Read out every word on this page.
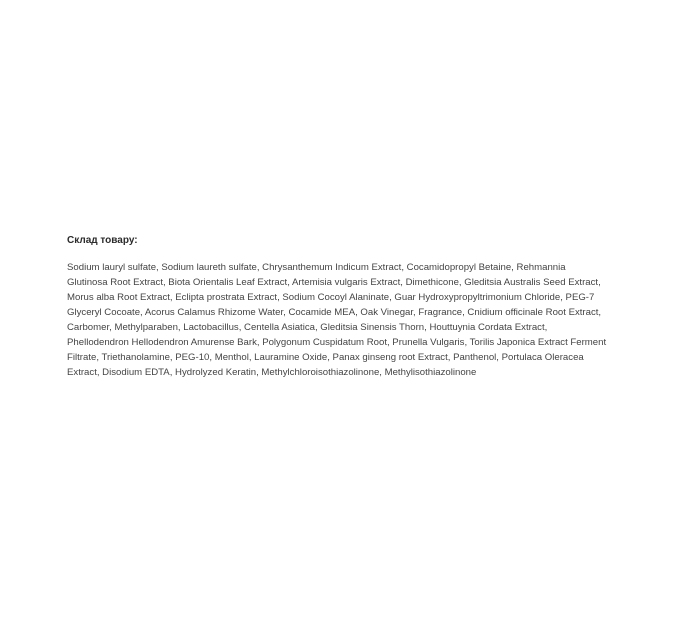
Склад товару:

Sodium lauryl sulfate, Sodium laureth sulfate, Chrysanthemum Indicum Extract, Cocamidopropyl Betaine, Rehmannia Glutinosa Root Extract, Biota Orientalis Leaf Extract, Artemisia vulgaris Extract, Dimethicone, Gleditsia Australis Seed Extract, Morus alba Root Extract, Eclipta prostrata Extract, Sodium Cocoyl Alaninate, Guar Hydroxypropyltrimonium Chloride, PEG-7 Glyceryl Cocoate, Acorus Calamus Rhizome Water, Cocamide MEA, Oak Vinegar, Fragrance, Cnidium officinale Root Extract, Carbomer, Methylparaben, Lactobacillus, Centella Asiatica, Gleditsia Sinensis Thorn, Houttuynia Cordata Extract, Phellodendron Hellodendron Amurense Bark, Polygonum Cuspidatum Root, Prunella Vulgaris, Torilis Japonica Extract Ferment Filtrate, Triethanolamine, PEG-10, Menthol, Lauramine Oxide, Panax ginseng root Extract, Panthenol, Portulaca Oleracea Extract, Disodium EDTA, Hydrolyzed Keratin, Methylchloroisothiazolinone, Methylisothiazolinone
